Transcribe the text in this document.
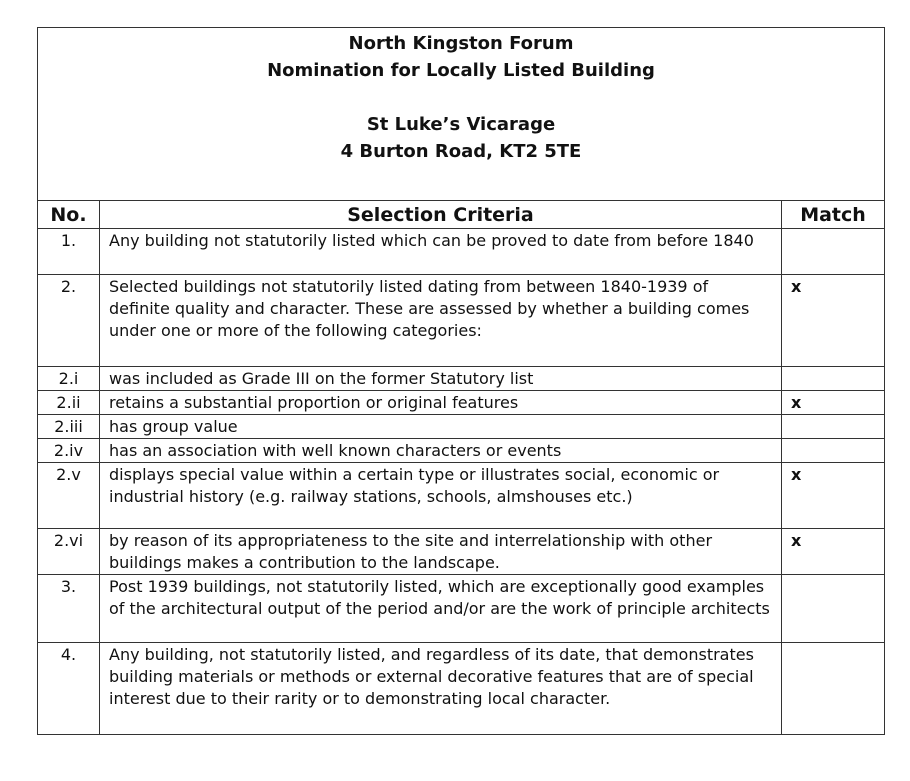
North Kingston Forum
Nomination for Locally Listed Building
St Luke’s Vicarage
4 Burton Road, KT2 5TE		

No.	Selection Criteria	Match
1.	Any building not statutorily listed which can be proved to date from before 1840	
2.	Selected buildings not statutorily listed dating from between 1840-1939 of definite quality and character. These are assessed by whether a building comes under one or more of the following categories:	x
2.i	was included as Grade III on the former Statutory list	
2.ii	retains a substantial proportion or original features	x
2.iii	has group value	
2.iv	has an association with well known characters or events	
2.v	displays special value within a certain type or illustrates social, economic or industrial history (e.g. railway stations, schools, almshouses etc.)	x
2.vi	by reason of its appropriateness to the site and interrelationship with other buildings makes a contribution to the landscape.	x
3.	Post 1939 buildings, not statutorily listed, which are exceptionally good examples of the architectural output of the period and/or are the work of principle architects	
4.	Any building, not statutorily listed, and regardless of its date, that demonstrates building materials or methods or external decorative features that are of special interest due to their rarity or to demonstrating local character.	
